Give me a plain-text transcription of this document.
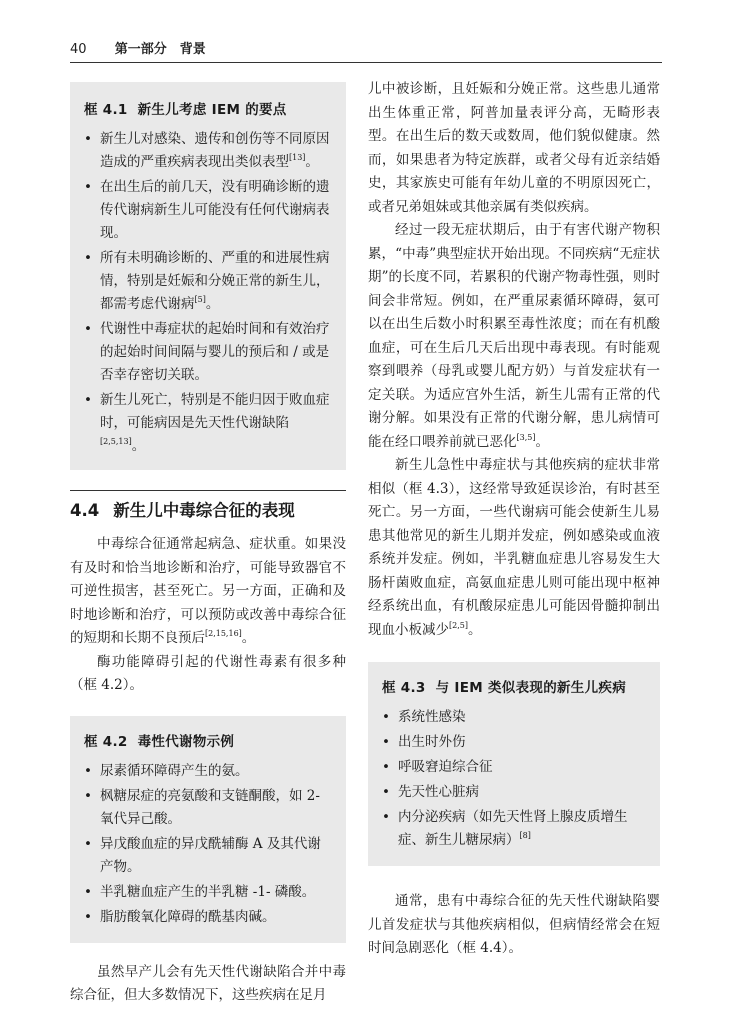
40 第一部分　背景
框 4.1 新生儿考虑 IEM 的要点
• 新生儿对感染、遗传和创伤等不同原因造成的严重疾病表现出类似表型[13]。
• 在出生后的前几天，没有明确诊断的遗传代谢病新生儿可能没有任何代谢病表现。
• 所有未明确诊断的、严重的和进展性病情，特别是妊娠和分娩正常的新生儿，都需考虑代谢病[5]。
• 代谢性中毒症状的起始时间和有效治疗的起始时间间隔与婴儿的预后和 / 或是否幸存密切关联。
• 新生儿死亡，特别是不能归因于败血症时，可能病因是先天性代谢缺陷[2,5,13]。
4.4 新生儿中毒综合征的表现

中毒综合征通常起病急、症状重。如果没有及时和恰当地诊断和治疗，可能导致器官不可逆性损害，甚至死亡。另一方面，正确和及时地诊断和治疗，可以预防或改善中毒综合征的短期和长期不良预后[2,15,16]。

酶功能障碍引起的代谢性毒素有很多种（框 4.2）。

框 4.2 毒性代谢物示例
• 尿素循环障碍产生的氨。
• 枫糖尿症的亮氨酸和支链酮酸，如 2-氧代异己酸。
• 异戊酸血症的异戊酰辅酶 A 及其代谢产物。
• 半乳糖血症产生的半乳糖 -1- 磷酸。
• 脂肪酸氧化障碍的酰基肉碱。

虽然早产儿会有先天性代谢缺陷合并中毒综合征，但大多数情况下，这些疾病在足月

儿中被诊断，且妊娠和分娩正常。这些患儿通常出生体重正常，阿普加量表评分高，无畸形表型。在出生后的数天或数周，他们貌似健康。然而，如果患者为特定族群，或者父母有近亲结婚史，其家族史可能有年幼儿童的不明原因死亡，或者兄弟姐妹或其他亲属有类似疾病。

经过一段无症状期后，由于有害代谢产物积累，“中毒”典型症状开始出现。不同疾病“无症状期”的长度不同，若累积的代谢产物毒性强，则时间会非常短。例如，在严重尿素循环障碍，氨可以在出生后数小时积累至毒性浓度；而在有机酸血症，可在生后几天后出现中毒表现。有时能观察到喂养（母乳或婴儿配方奶）与首发症状有一定关联。为适应宫外生活，新生儿需有正常的代谢分解。如果没有正常的代谢分解，患儿病情可能在经口喂养前就已恶化[3,5]。

新生儿急性中毒症状与其他疾病的症状非常相似（框 4.3），这经常导致延误诊治，有时甚至死亡。另一方面，一些代谢病可能会使新生儿易患其他常见的新生儿期并发症，例如感染或血液系统并发症。例如，半乳糖血症患儿容易发生大肠杆菌败血症，高氨血症患儿则可能出现中枢神经系统出血，有机酸尿症患儿可能因骨髓抑制出现血小板减少[2,5]。

框 4.3 与 IEM 类似表现的新生儿疾病
• 系统性感染
• 出生时外伤
• 呼吸窘迫综合征
• 先天性心脏病
• 内分泌疾病（如先天性肾上腺皮质增生症、新生儿糖尿病）[8]

通常，患有中毒综合征的先天性代谢缺陷婴儿首发症状与其他疾病相似，但病情经常会在短时间急剧恶化（框 4.4）。
